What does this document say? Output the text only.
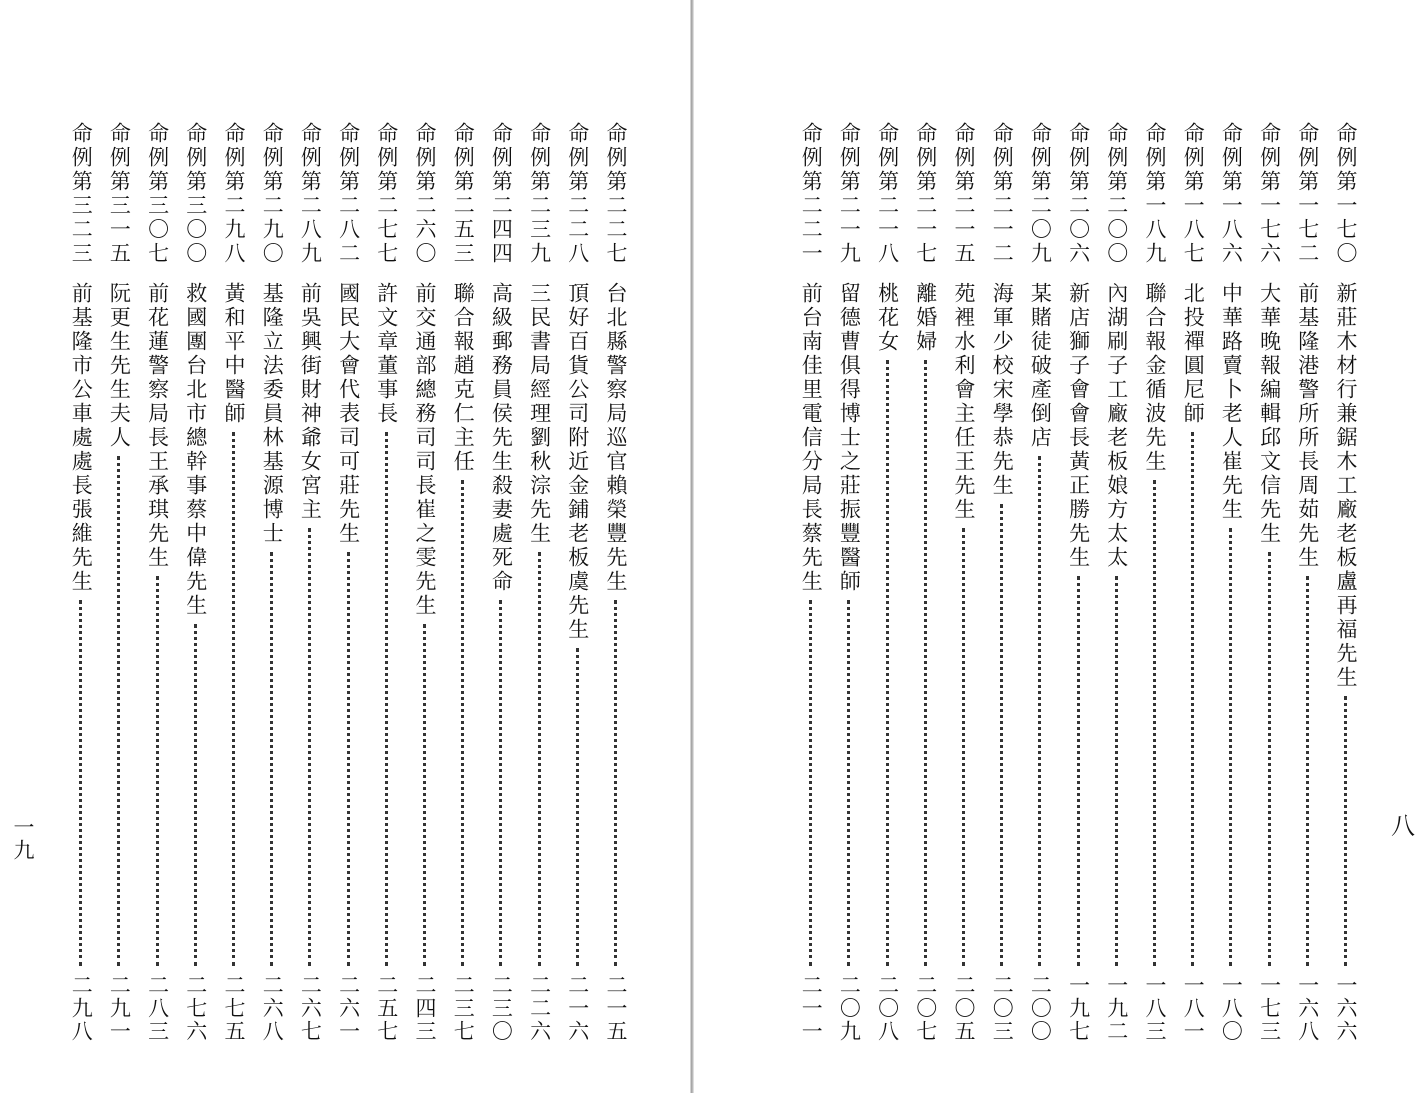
命例第二二七
台北縣警察局巡官賴榮豐先生
二一五
命例第二二八
頂好百貨公司附近金鋪老板虞先生
二一六
命例第二三九
三民書局經理劉秋淙先生
二二六
命例第二四四
高級郵務員侯先生殺妻處死命
二三〇
命例第二五三
聯合報趙克仁主任
二三七
命例第二六〇
前交通部總務司司長崔之雯先生
二四三
命例第二七七
許文章董事長
二五七
命例第二八二
國民大會代表司可莊先生
二六一
命例第二八九
前吳興街財神爺女宮主
二六七
命例第二九〇
基隆立法委員林基源博士
二六八
命例第二九八
黃和平中醫師
二七五
命例第三〇〇
救國團台北市總幹事蔡中偉先生
二七六
命例第三〇七
前花蓮警察局長王承琪先生
二八三
命例第三一五
阮更生先生夫人
二九一
命例第三二三
前基隆市公車處處長張維先生
二九八
一九
命例第一七〇
新莊木材行兼鋸木工廠老板盧再福先生
一六六
命例第一七二
前基隆港警所所長周茹先生
一六八
命例第一七六
大華晚報編輯邱文信先生
一七三
命例第一八六
中華路賣卜老人崔先生
一八〇
命例第一八七
北投禪圓尼師
一八一
命例第一八九
聯合報金循波先生
一八三
命例第二〇〇
內湖刷子工廠老板娘方太太
一九二
命例第二〇六
新店獅子會會長黃正勝先生
一九七
命例第二〇九
某賭徒破產倒店
二〇〇
命例第二一二
海軍少校宋學恭先生
二〇三
命例第二一五
苑裡水利會主任王先生
二〇五
命例第二一七
離婚婦
二〇七
命例第二一八
桃花女
二〇八
命例第二一九
留德曹俱得博士之莊振豐醫師
二〇九
命例第二二一
前台南佳里電信分局長蔡先生
二一一
八
